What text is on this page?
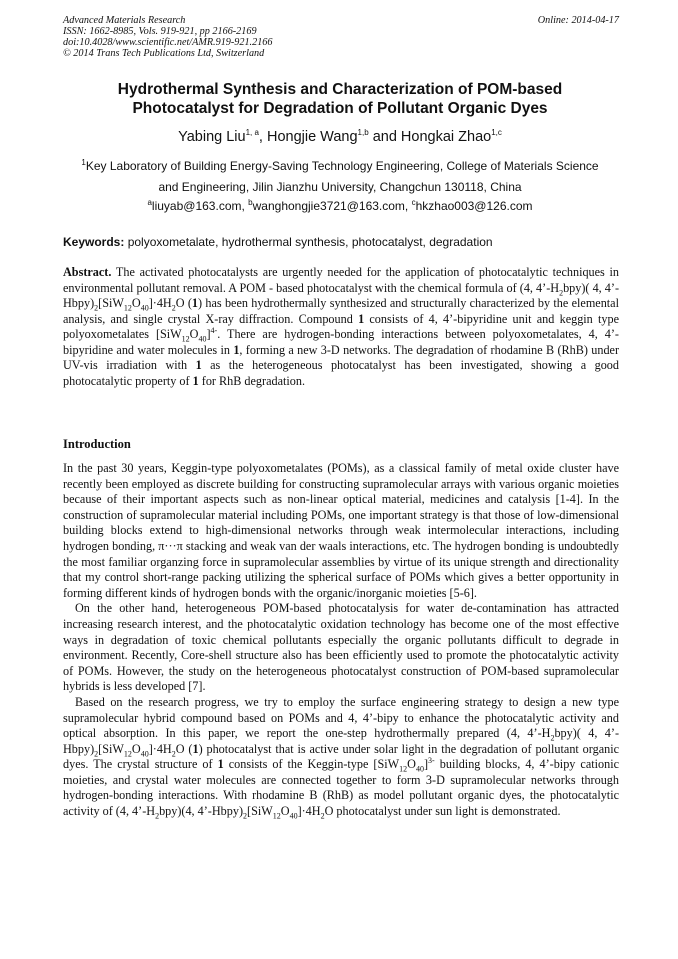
Advanced Materials Research
ISSN: 1662-8985, Vols. 919-921, pp 2166-2169
doi:10.4028/www.scientific.net/AMR.919-921.2166
© 2014 Trans Tech Publications Ltd, Switzerland
Online: 2014-04-17
Hydrothermal Synthesis and Characterization of POM-based
Photocatalyst for Degradation of Pollutant Organic Dyes
Yabing Liu$^{1, a}$, Hongjie Wang$^{1,b}$ and Hongkai Zhao$^{1,c}$
$^1$Key Laboratory of Building Energy-Saving Technology Engineering, College of Materials Science
and Engineering, Jilin Jianzhu University, Changchun 130118, China
$^a$liuyab@163.com, $^b$wanghongjie3721@163.com, $^c$hkzhao003@126.com
Keywords: polyoxometalate, hydrothermal synthesis, photocatalyst, degradation
Abstract. The activated photocatalysts are urgently needed for the application of photocatalytic techniques in environmental pollutant removal. A POM - based photocatalyst with the chemical formula of (4, $4’-H_2bpy$)( 4, $4’-Hbpy)_2[SiW_{12}O_{40}]\cdot 4H_2O$ (1) has been hydrothermally synthesized and structurally characterized by the elemental analysis, and single crystal X-ray diffraction. Compound 1 consists of 4, 4’-bipyridine unit and keggin type polyoxometalates $[SiW_{12}O_{40}]^{4-}$. There are hydrogen-bonding interactions between polyoxometalates, 4, 4’-bipyridine and water molecules in 1, forming a new 3-D networks. The degradation of rhodamine B (RhB) under UV-vis irradiation with 1 as the heterogeneous photocatalyst has been investigated, showing a good photocatalytic property of 1 for RhB degradation.
Introduction

In the past 30 years, Keggin-type polyoxometalates (POMs), as a classical family of metal oxide cluster have recently been employed as discrete building for constructing supramolecular arrays with various organic moieties because of their important aspects such as non-linear optical material, medicines and catalysis [1-4]. In the construction of supramolecular material including POMs, one important strategy is that those of low-dimensional building blocks extend to high-dimensional networks through weak intermolecular interactions, including hydrogen bonding, π···π stacking and weak van der waals interactions, etc. The hydrogen bonding is undoubtedly the most familiar organzing force in supramolecular assemblies by virtue of its unique strength and directionality that my control short-range packing utilizing the spherical surface of POMs which gives a better opportunity in forming different kinds of hydrogen bonds with the organic/inorganic moieties [5-6].

On the other hand, heterogeneous POM-based photocatalysis for water de-contamination has attracted increasing research interest, and the photocatalytic oxidation technology has become one of the most effective ways in degradation of toxic chemical pollutants especially the organic pollutants difficult to degrade in environment. Recently, Core-shell structure also has been efficiently used to promote the photocatalytic activity of POMs. However, the study on the heterogeneous photocatalyst construction of POM-based supramolecular hybrids is less developed [7].

Based on the research progress, we try to employ the surface engineering strategy to design a new type supramolecular hybrid compound based on POMs and 4, 4’-bipy to enhance the photocatalytic activity and optical absorption. In this paper, we report the one-step hydrothermally prepared (4, $4’-H_2bpy$)( 4, $4’-Hbpy)_2[SiW_{12}O_{40}]\cdot 4H_2O$ (1) photocatalyst that is active under solar light in the degradation of pollutant organic dyes. The crystal structure of 1 consists of the Keggin-type $[SiW_{12}O_{40}]^{3-}$ building blocks, 4, 4’-bipy cationic moieties, and crystal water molecules are connected together to form 3-D supramolecular networks through hydrogen-bonding interactions. With rhodamine B (RhB) as model pollutant organic dyes, the photocatalytic activity of (4, $4’-H_2bpy)(4$, $4’-Hbpy)_2[SiW_{12}O_{40}]\cdot 4H_2O$ photocatalyst under sun light is demonstrated.
